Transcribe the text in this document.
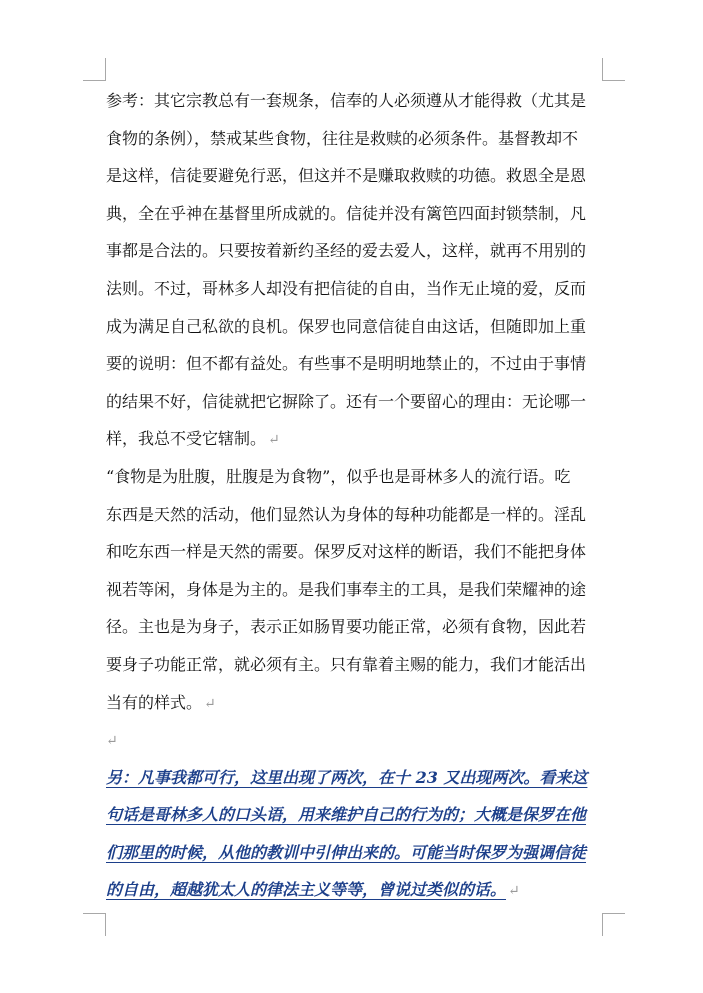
参考：其它宗教总有一套规条，信奉的人必须遵从才能得救（尤其是
食物的条例），禁戒某些食物，往往是救赎的必须条件。基督教却不
是这样，信徒要避免行恶，但这并不是赚取救赎的功德。救恩全是恩
典，全在乎神在基督里所成就的。信徒并没有篱笆四面封锁禁制，凡
事都是合法的。只要按着新约圣经的爱去爱人，这样，就再不用别的
法则。不过，哥林多人却没有把信徒的自由，当作无止境的爱，反而
成为满足自己私欲的良机。保罗也同意信徒自由这话，但随即加上重
要的说明：但不都有益处。有些事不是明明地禁止的，不过由于事情
的结果不好，信徒就把它摒除了。还有一个要留心的理由：无论哪一
样，我总不受它辖制。 ↵
“食物是为肚腹，肚腹是为食物”，似乎也是哥林多人的流行语。吃
东西是天然的活动，他们显然认为身体的每种功能都是一样的。淫乱
和吃东西一样是天然的需要。保罗反对这样的断语，我们不能把身体
视若等闲，身体是为主的。是我们事奉主的工具，是我们荣耀神的途
径。主也是为身子，表示正如肠胃要功能正常，必须有食物，因此若
要身子功能正常，就必须有主。只有靠着主赐的能力，我们才能活出
当有的样式。 ↵
↵
另：凡事我都可行，这里出现了两次，在十 23 又出现两次。看来这
句话是哥林多人的口头语，用来维护自己的行为的；大概是保罗在他
们那里的时候，从他的教训中引伸出来的。可能当时保罗为强调信徒
的自由，超越犹太人的律法主义等等，曾说过类似的话。 ↵
